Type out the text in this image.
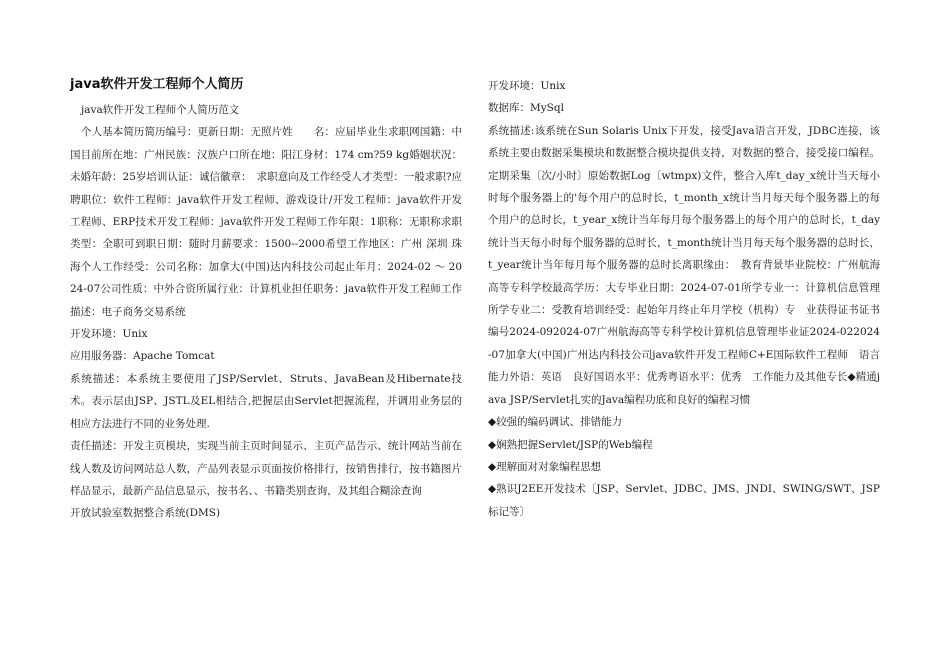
java软件开发工程师个人简历

java软件开发工程师个人简历范文

个人基本简历简历编号：更新日期：无照片姓　　名：应届毕业生求职网国籍：中国目前所在地：广州民族：汉族户口所在地：阳江身材：174 cm?59 kg婚姻状况：未婚年龄：25岁培训认证：诚信徽章：　求职意向及工作经受人才类型：一般求职?应聘职位：软件工程师：java软件开发工程师、游戏设计/开发工程师：java软件开发工程师、ERP技术开发工程师：java软件开发工程师工作年限：1职称：无职称求职类型：全职可到职日期：随时月薪要求：1500--2000希望工作地区：广州 深圳 珠海个人工作经受：公司名称：加拿大(中国)达内科技公司起止年月：2024-02 ～ 2024-07公司性质：中外合资所属行业：计算机业担任职务：java软件开发工程师工作描述：电子商务交易系统

开发环境：Unix

应用服务器：Apache Tomcat

系统描述：本系统主要使用了JSP/Servlet、Struts、JavaBean及Hibernate技术。表示层由JSP、JSTL及EL相结合,把握层由Servlet把握流程，并调用业务层的相应方法进行不同的业务处理.

责任描述：开发主页模块，实现当前主页时间显示、主页产品告示、统计网站当前在线人数及访问网站总人数，产品列表显示页面按价格排行，按销售排行，按书籍图片样品显示，最新产品信息显示，按书名、、书籍类别查询，及其组合糊涂查询

开放试验室数据整合系统(DMS)

开发环境：Unix

数据库：MySql

系统描述:该系统在Sun Solaris Unix下开发，接受Java语言开发，JDBC连接，该系统主要由数据采集模块和数据整合模块提供支持，对数据的整合，接受接口编程。定期采集〔次/小时〕原始数据Log〔wtmpx)文件，整合入库t_day_x统计当天每小时每个服务器上的'每个用户的总时长，t_month_x统计当月每天每个服务器上的每个用户的总时长，t_year_x统计当年每月每个服务器上的每个用户的总时长，t_day统计当天每小时每个服务器的总时长，t_month统计当月每天每个服务器的总时长，t_year统计当年每月每个服务器的总时长离职缘由：　教育背景毕业院校：广州航海高等专科学校最高学历：大专毕业日期：2024-07-01所学专业一：计算机信息管理所学专业二：受教育培训经受：起始年月终止年月学校（机构）专　业获得证书证书编号2024-092024-07广州航海高等专科学校计算机信息管理毕业证2024-022024-07加拿大(中国)广州达内科技公司java软件开发工程师C+E国际软件工程师　语言能力外语：英语　良好国语水平：优秀粤语水平：优秀　工作能力及其他专长◆精通java JSP/Servlet扎实的Java编程功底和良好的编程习惯

◆较强的编码调试、排错能力

◆娴熟把握Servlet/JSP的Web编程

◆理解面对对象编程思想

◆熟识J2EE开发技术〔JSP、Servlet、JDBC、JMS、JNDI、SWING/SWT、JSP标记等〕
